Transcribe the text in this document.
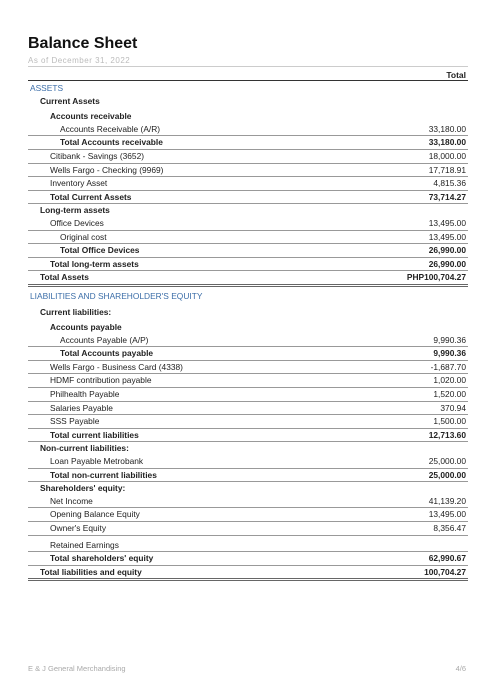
Balance Sheet
As of December 31, 2022
Total
ASSETS
Current Assets
Accounts receivable
Accounts Receivable (A/R)	33,180.00
Total Accounts receivable	33,180.00
Citibank - Savings (3652)	18,000.00
Wells Fargo - Checking (9969)	17,718.91
Inventory Asset	4,815.36
Total Current Assets	73,714.27
Long-term assets
Office Devices	13,495.00
Original cost	13,495.00
Total Office Devices	26,990.00
Total long-term assets	26,990.00
Total Assets	PHP100,704.27
LIABILITIES AND SHAREHOLDER'S EQUITY
Current liabilities:
Accounts payable
Accounts Payable (A/P)	9,990.36
Total Accounts payable	9,990.36
Wells Fargo - Business Card (4338)	-1,687.70
HDMF contribution payable	1,020.00
Philhealth Payable	1,520.00
Salaries Payable	370.94
SSS Payable	1,500.00
Total current liabilities	12,713.60
Non-current liabilities:
Loan Payable Metrobank	25,000.00
Total non-current liabilities	25,000.00
Shareholders' equity:
Net Income	41,139.20
Opening Balance Equity	13,495.00
Owner's Equity	8,356.47
Retained Earnings
Total shareholders' equity	62,990.67
Total liabilities and equity	100,704.27
E & J General Merchandising	4/6
